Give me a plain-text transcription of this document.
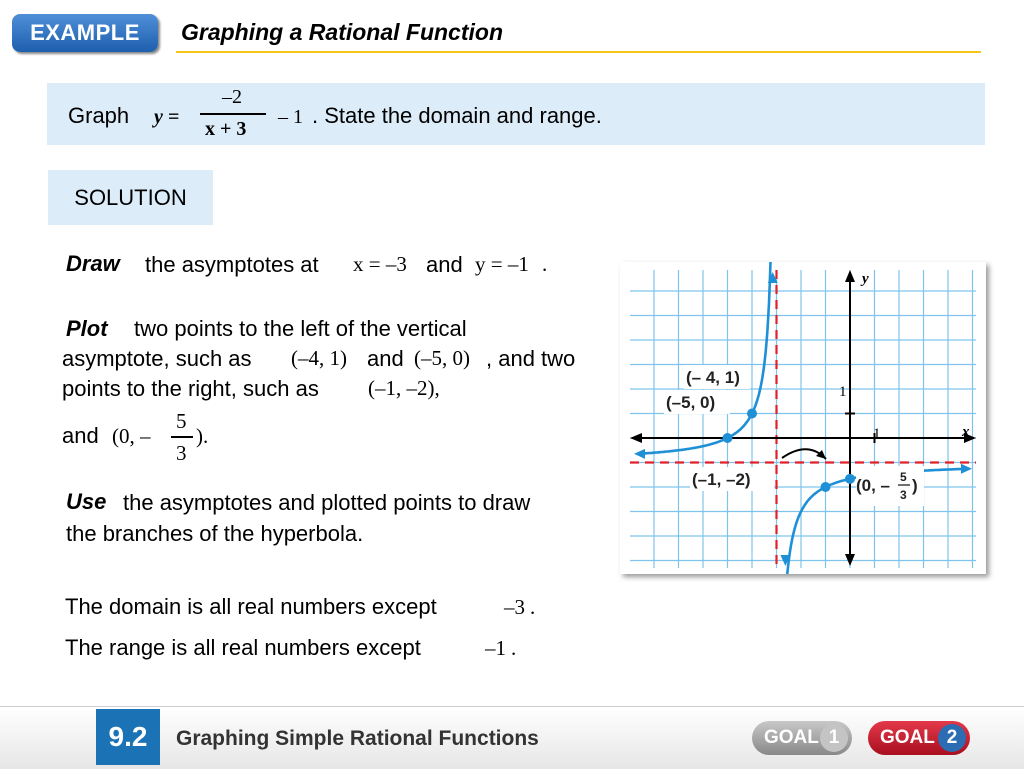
EXAMPLE	Graphing a Rational Function
Graph y =
–2
x + 3
– 1 . State the domain and range.
SOLUTION
Draw the asymptotes at x = –3 and y = –1 .
Plot two points to the left of the vertical
asymptote, such as (–4, 1) and (–5, 0) , and two
points to the right, such as (–1, –2),
and (0, –
5
3
).
Use the asymptotes and plotted points to draw
the branches of the hyperbola.
The domain is all real numbers except	–3 .
The range is all real numbers except	–1 .
y
x
1
1
(– 4, 1)
(–5, 0)
(–1, –2)	(0, – 5
3 )
9.2	Graphing Simple Rational Functions	GOAL 1	GOAL 2
